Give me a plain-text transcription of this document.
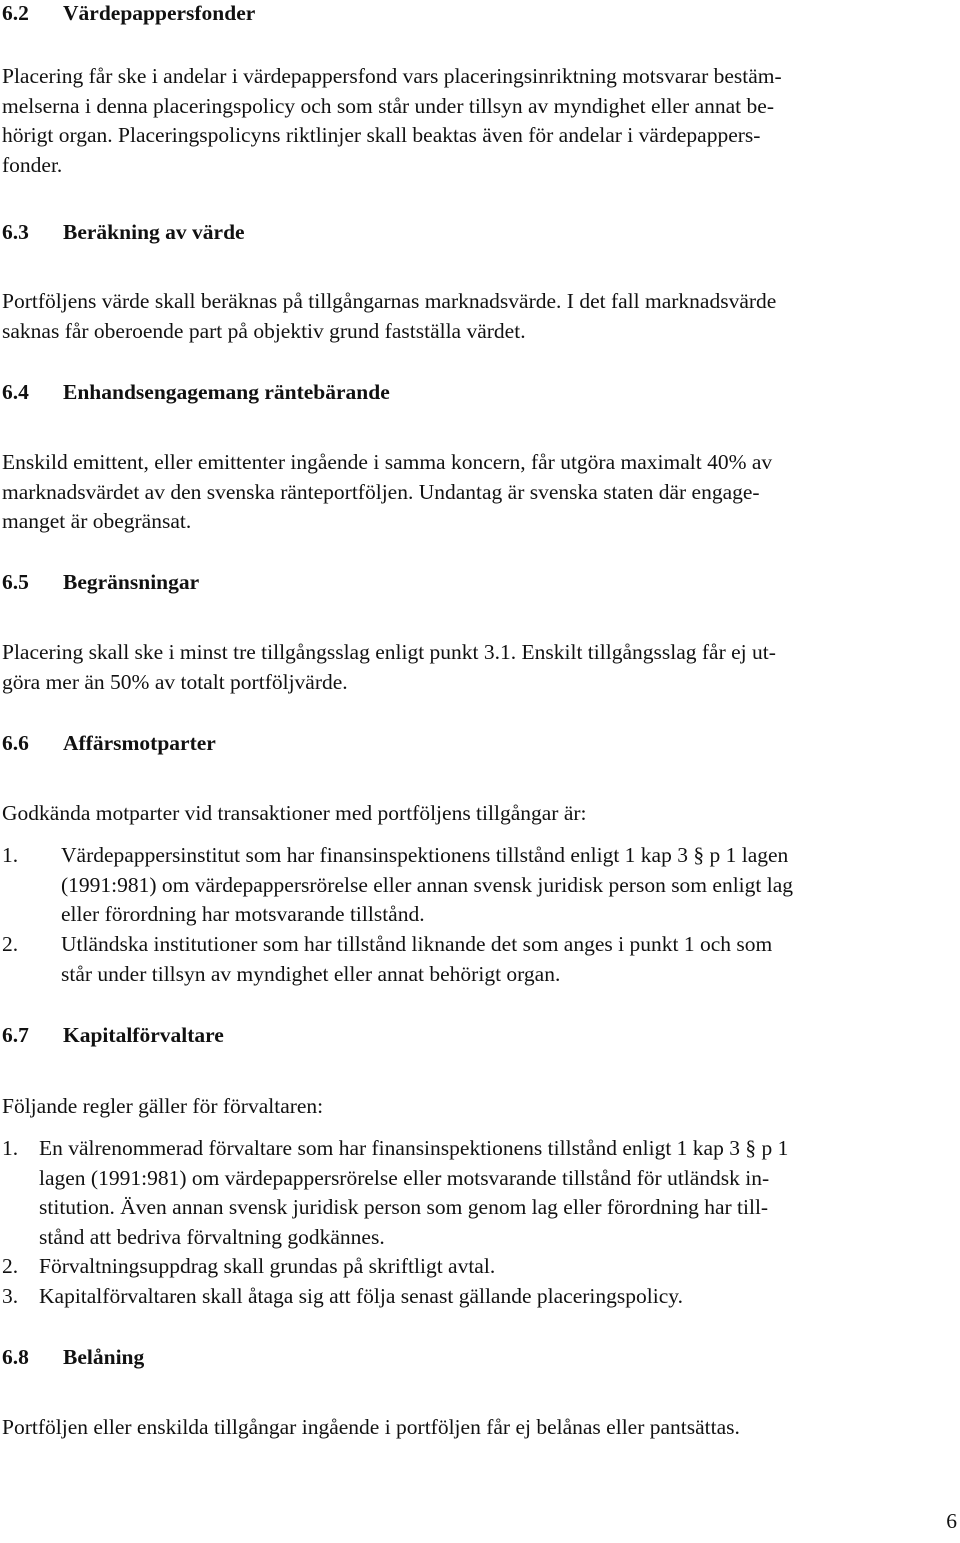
6.2 Värdepappersfonder
Placering får ske i andelar i värdepappersfond vars placeringsinriktning motsvarar bestäm-
melserna i denna placeringspolicy och som står under tillsyn av myndighet eller annat be-
hörigt organ. Placeringspolicyns riktlinjer skall beaktas även för andelar i värdepappers-
fonder.
6.3 Beräkning av värde
Portföljens värde skall beräknas på tillgångarnas marknadsvärde. I det fall marknadsvärde
saknas får oberoende part på objektiv grund fastställa värdet.
6.4 Enhandsengagemang räntebärande
Enskild emittent, eller emittenter ingående i samma koncern, får utgöra maximalt 40% av
marknadsvärdet av den svenska ränteportföljen. Undantag är svenska staten där engage-
manget är obegränsat.
6.5 Begränsningar
Placering skall ske i minst tre tillgångsslag enligt punkt 3.1. Enskilt tillgångsslag får ej ut-
göra mer än 50% av totalt portföljvärde.
6.6 Affärsmotparter
Godkända motparter vid transaktioner med portföljens tillgångar är:
1. Värdepappersinstitut som har finansinspektionens tillstånd enligt 1 kap 3 § p 1 lagen
(1991:981) om värdepappersrörelse eller annan svensk juridisk person som enligt lag
eller förordning har motsvarande tillstånd.
2. Utländska institutioner som har tillstånd liknande det som anges i punkt 1 och som
står under tillsyn av myndighet eller annat behörigt organ.
6.7 Kapitalförvaltare
Följande regler gäller för förvaltaren:
1. En välrenommerad förvaltare som har finansinspektionens tillstånd enligt 1 kap 3 § p 1
lagen (1991:981) om värdepappersrörelse eller motsvarande tillstånd för utländsk in-
stitution. Även annan svensk juridisk person som genom lag eller förordning har till-
stånd att bedriva förvaltning godkännes.
2. Förvaltningsuppdrag skall grundas på skriftligt avtal.
3. Kapitalförvaltaren skall åtaga sig att följa senast gällande placeringspolicy.
6.8 Belåning
Portföljen eller enskilda tillgångar ingående i portföljen får ej belånas eller pantsättas.
6
